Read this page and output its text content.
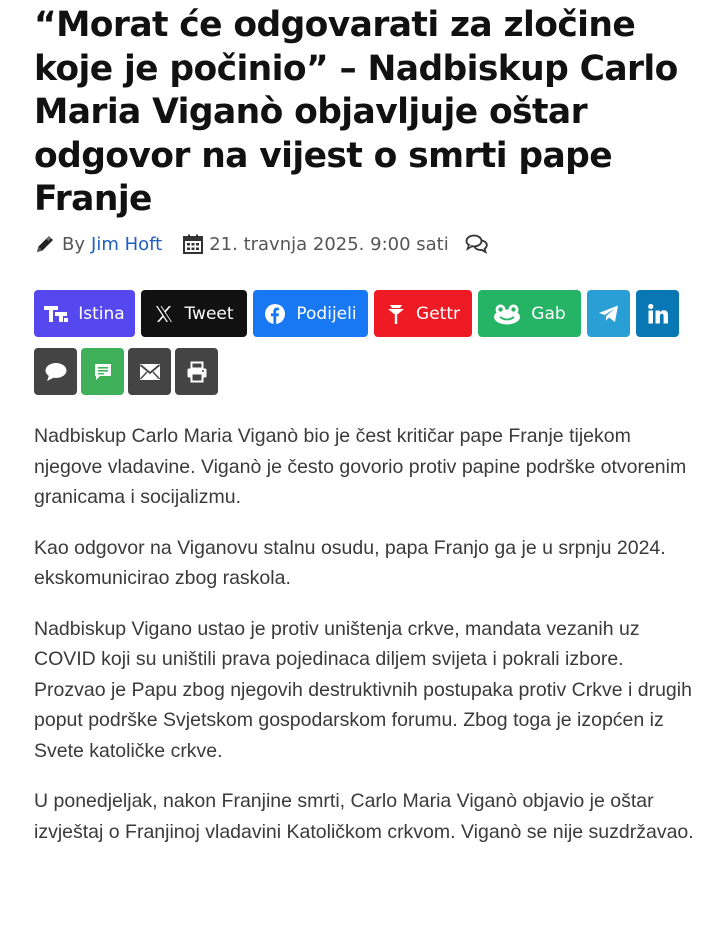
“Morat će odgovarati za zločine koje je počinio” – Nadbiskup Carlo Maria Viganò objavljuje oštar odgovor na vijest o smrti pape Franje
By Jim Hoft	21. travnja 2025. 9:00 sati
Istina	Tweet	Podijeli	Gettr	Gab

Nadbiskup Carlo Maria Viganò bio je čest kritičar pape Franje tijekom njegove vladavine. Viganò je često govorio protiv papine podrške otvorenim granicama i socijalizmu.

Kao odgovor na Viganovu stalnu osudu, papa Franjo ga je u srpnju 2024. ekskomunicirao zbog raskola.

Nadbiskup Vigano ustao je protiv uništenja crkve, mandata vezanih uz COVID koji su uništili prava pojedinaca diljem svijeta i pokrali izbore. Prozvao je Papu zbog njegovih destruktivnih postupaka protiv Crkve i drugih poput podrške Svjetskom gospodarskom forumu. Zbog toga je izopćen iz Svete katoličke crkve.

U ponedjeljak, nakon Franjine smrti, Carlo Maria Viganò objavio je oštar izvještaj o Franjinoj vladavini Katoličkom crkvom. Viganò se nije suzdržavao.
